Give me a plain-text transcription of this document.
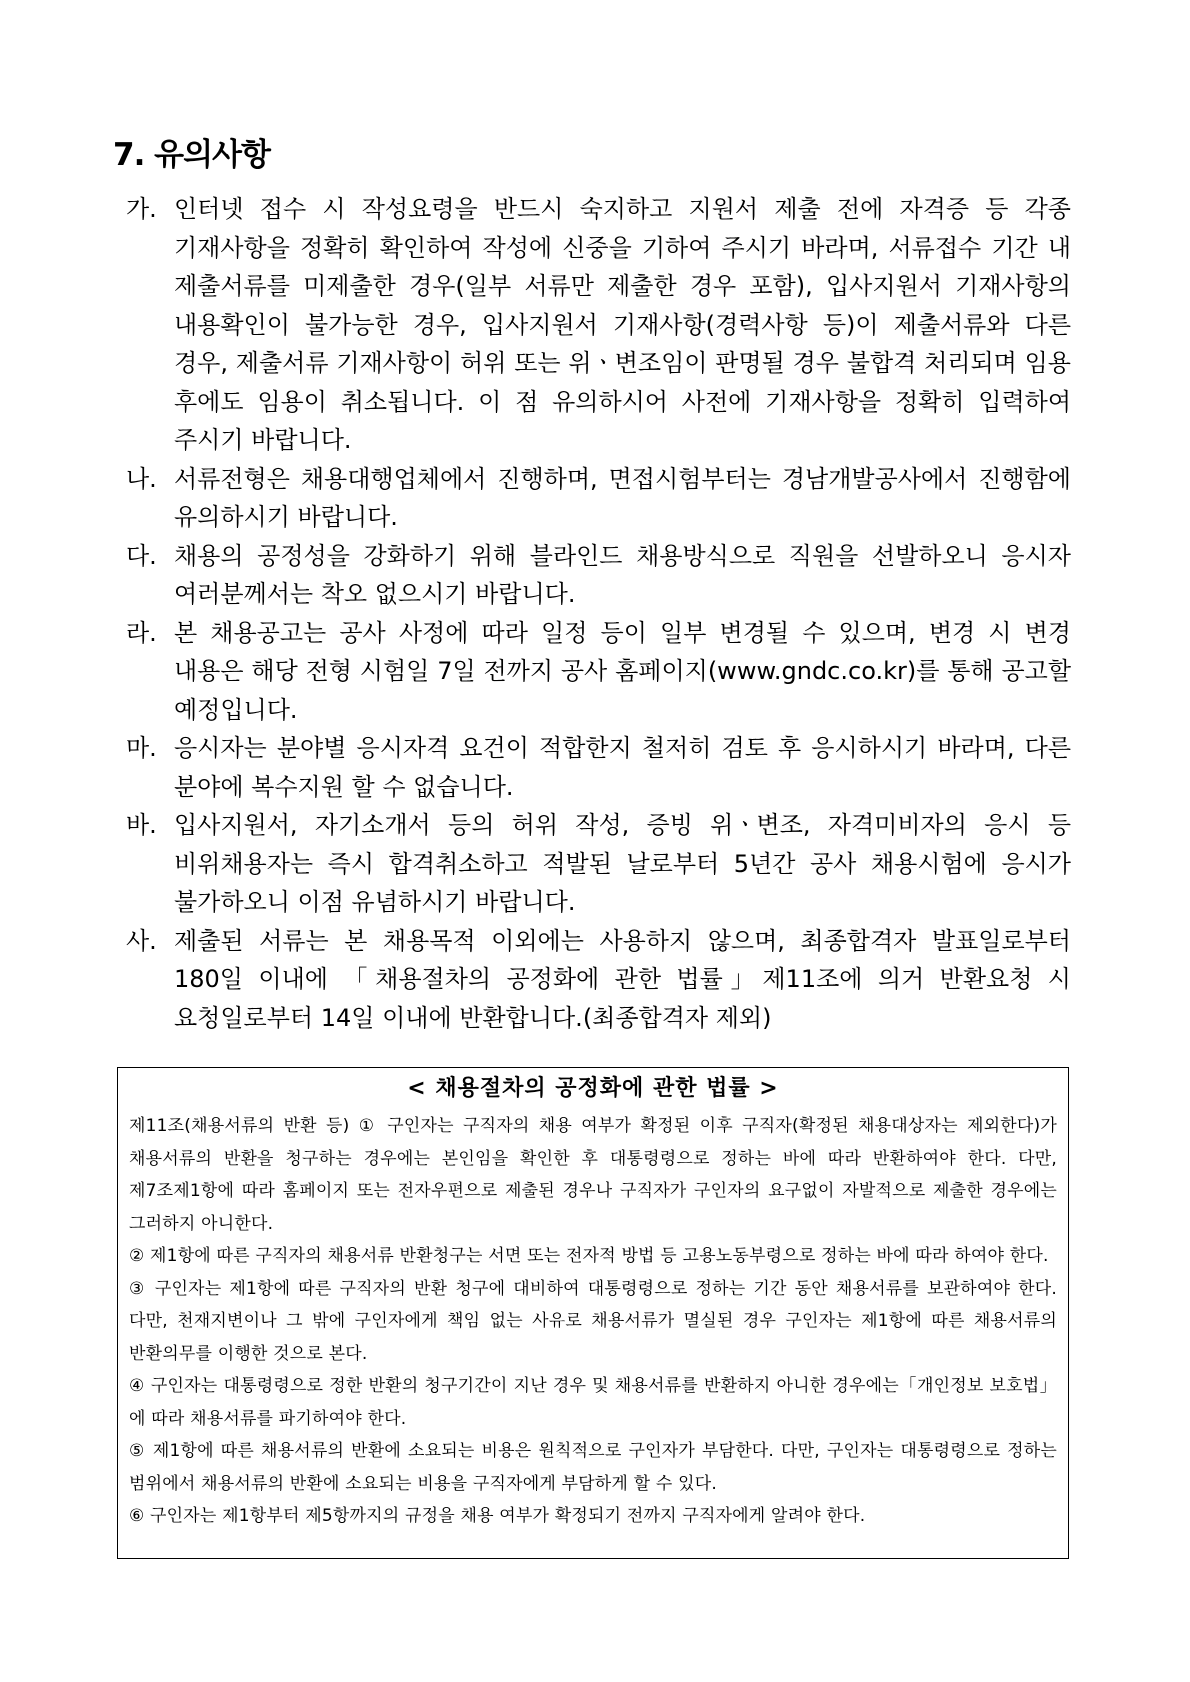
7. 유의사항
가. 인터넷 접수 시 작성요령을 반드시 숙지하고 지원서 제출 전에 자격증 등 각종 기재사항을 정확히 확인하여 작성에 신중을 기하여 주시기 바라며, 서류접수 기간 내 제출서류를 미제출한 경우(일부 서류만 제출한 경우 포함), 입사지원서 기재사항의 내용확인이 불가능한 경우, 입사지원서 기재사항(경력사항 등)이 제출서류와 다른 경우, 제출서류 기재사항이 허위 또는 위ㆍ변조임이 판명될 경우 불합격 처리되며 임용 후에도 임용이 취소됩니다. 이 점 유의하시어 사전에 기재사항을 정확히 입력하여 주시기 바랍니다.
나. 서류전형은 채용대행업체에서 진행하며, 면접시험부터는 경남개발공사에서 진행함에 유의하시기 바랍니다.
다. 채용의 공정성을 강화하기 위해 블라인드 채용방식으로 직원을 선발하오니 응시자 여러분께서는 착오 없으시기 바랍니다.
라. 본 채용공고는 공사 사정에 따라 일정 등이 일부 변경될 수 있으며, 변경 시 변경 내용은 해당 전형 시험일 7일 전까지 공사 홈페이지(www.gndc.co.kr)를 통해 공고할 예정입니다.
마. 응시자는 분야별 응시자격 요건이 적합한지 철저히 검토 후 응시하시기 바라며, 다른 분야에 복수지원 할 수 없습니다.
바. 입사지원서, 자기소개서 등의 허위 작성, 증빙 위ㆍ변조, 자격미비자의 응시 등 비위채용자는 즉시 합격취소하고 적발된 날로부터 5년간 공사 채용시험에 응시가 불가하오니 이점 유념하시기 바랍니다.
사. 제출된 서류는 본 채용목적 이외에는 사용하지 않으며, 최종합격자 발표일로부터 180일 이내에 「채용절차의 공정화에 관한 법률」제11조에 의거 반환요청 시 요청일로부터 14일 이내에 반환합니다.(최종합격자 제외)

< 채용절차의 공정화에 관한 법률 >

제11조(채용서류의 반환 등) ① 구인자는 구직자의 채용 여부가 확정된 이후 구직자(확정된 채용대상자는 제외한다)가 채용서류의 반환을 청구하는 경우에는 본인임을 확인한 후 대통령령으로 정하는 바에 따라 반환하여야 한다. 다만, 제7조제1항에 따라 홈페이지 또는 전자우편으로 제출된 경우나 구직자가 구인자의 요구없이 자발적으로 제출한 경우에는 그러하지 아니한다.

② 제1항에 따른 구직자의 채용서류 반환청구는 서면 또는 전자적 방법 등 고용노동부령으로 정하는 바에 따라 하여야 한다.

③ 구인자는 제1항에 따른 구직자의 반환 청구에 대비하여 대통령령으로 정하는 기간 동안 채용서류를 보관하여야 한다. 다만, 천재지변이나 그 밖에 구인자에게 책임 없는 사유로 채용서류가 멸실된 경우 구인자는 제1항에 따른 채용서류의 반환의무를 이행한 것으로 본다.

④ 구인자는 대통령령으로 정한 반환의 청구기간이 지난 경우 및 채용서류를 반환하지 아니한 경우에는「개인정보 보호법」에 따라 채용서류를 파기하여야 한다.

⑤ 제1항에 따른 채용서류의 반환에 소요되는 비용은 원칙적으로 구인자가 부담한다. 다만, 구인자는 대통령령으로 정하는 범위에서 채용서류의 반환에 소요되는 비용을 구직자에게 부담하게 할 수 있다.

⑥ 구인자는 제1항부터 제5항까지의 규정을 채용 여부가 확정되기 전까지 구직자에게 알려야 한다.
